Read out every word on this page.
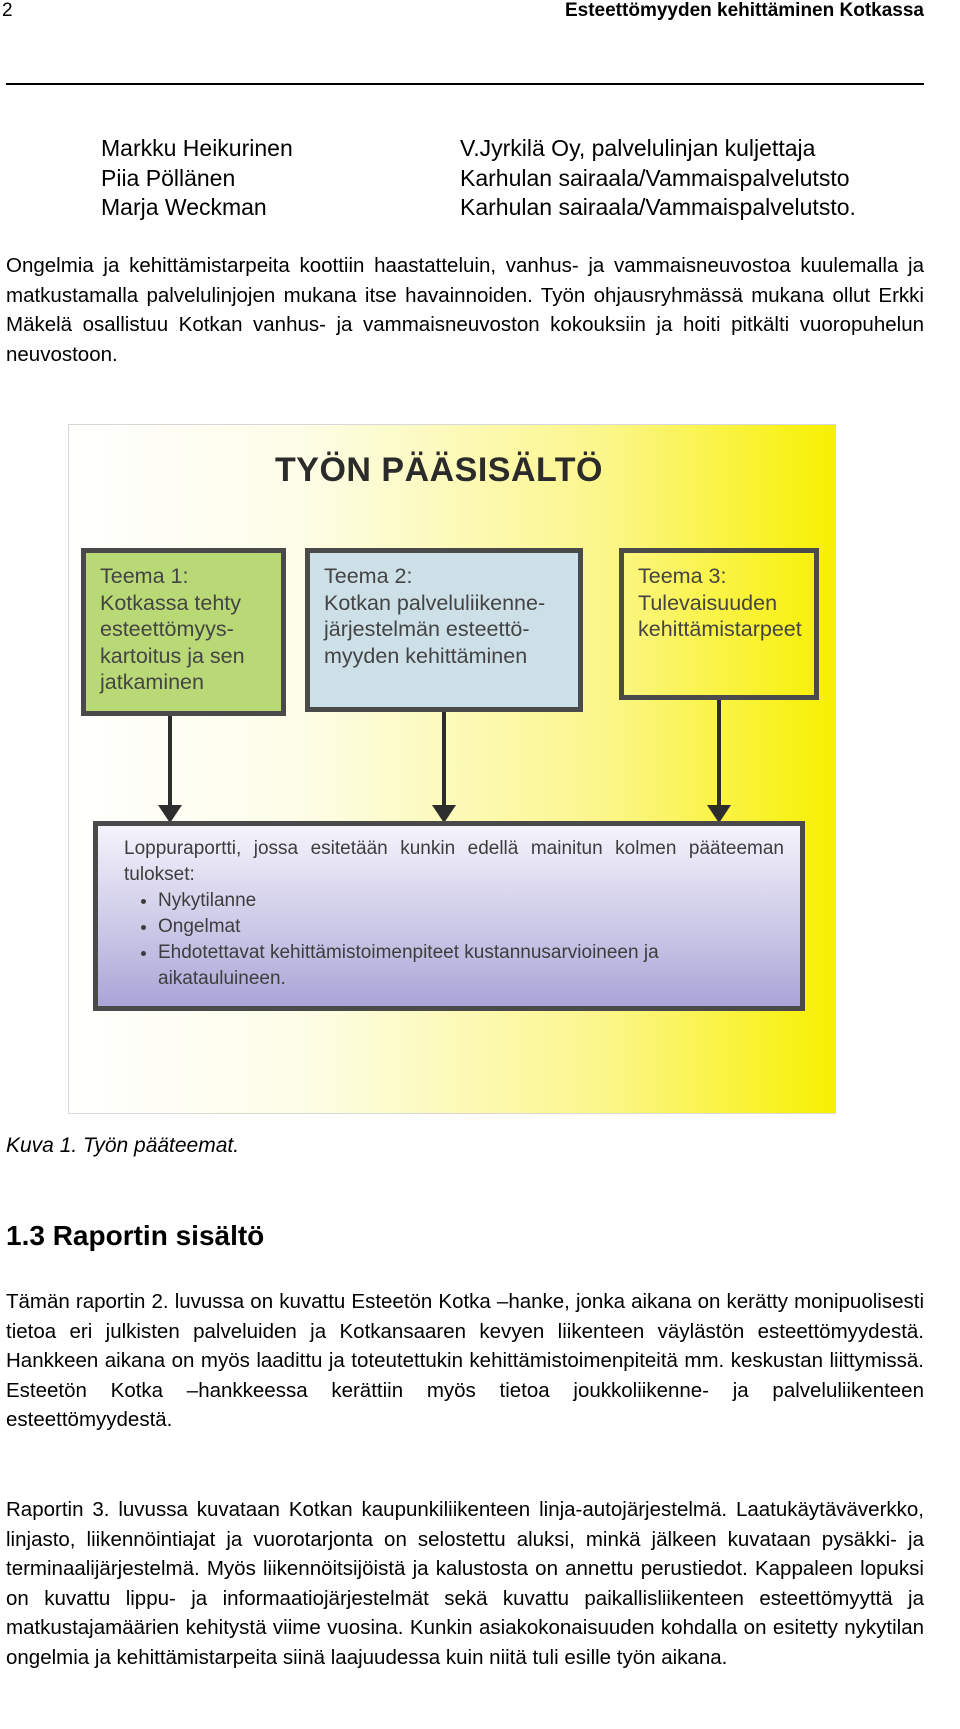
2	Esteettömyyden kehittäminen Kotkassa
Markku Heikurinen	V.Jyrkilä Oy, palvelulinjan kuljettaja
Piia Pöllänen	Karhulan sairaala/Vammaispalvelutsto
Marja Weckman	Karhulan sairaala/Vammaispalvelutsto.

Ongelmia ja kehittämistarpeita koottiin haastatteluin, vanhus- ja vammaisneuvostoa kuulemalla ja matkustamalla palvelulinjojen mukana itse havainnoiden. Työn ohjausryhmässä mukana ollut Erkki Mäkelä osallistuu Kotkan vanhus- ja vammaisneuvoston kokouksiin ja hoiti pitkälti vuoropuhelun neuvostoon.

TYÖN PÄÄSISÄLTÖ
Teema 1:
Kotkassa tehty
esteettömyys-
kartoitus ja sen
jatkaminen
Teema 2:
Kotkan palveluliikenne-
järjestelmän esteettö-
myyden kehittäminen
Teema 3:
Tulevaisuuden
kehittämistarpeet
Loppuraportti, jossa esitetään kunkin edellä mainitun kolmen pääteeman tulokset:
• Nykytilanne
• Ongelmat
• Ehdotettavat kehittämistoimenpiteet kustannusarvioineen ja aikatauluineen.
Kuva 1. Työn pääteemat.
1.3 Raportin sisältö

Tämän raportin 2. luvussa on kuvattu Esteetön Kotka –hanke, jonka aikana on kerätty monipuolisesti tietoa eri julkisten palveluiden ja Kotkansaaren kevyen liikenteen väylästön esteettömyydestä. Hankkeen aikana on myös laadittu ja toteutettukin kehittämistoimenpiteitä mm. keskustan liittymissä. Esteetön Kotka –hankkeessa kerättiin myös tietoa joukkoliikenne- ja palveluliikenteen esteettömyydestä.

Raportin 3. luvussa kuvataan Kotkan kaupunkiliikenteen linja-autojärjestelmä. Laatukäytäväverkko, linjasto, liikennöintiajat ja vuorotarjonta on selostettu aluksi, minkä jälkeen kuvataan pysäkki- ja terminaalijärjestelmä. Myös liikennöitsijöistä ja kalustosta on annettu perustiedot. Kappaleen lopuksi on kuvattu lippu- ja informaatiojärjestelmät sekä kuvattu paikallisliikenteen esteettömyyttä ja matkustajamäärien kehitystä viime vuosina. Kunkin asiakokonaisuuden kohdalla on esitetty nykytilan ongelmia ja kehittämistarpeita siinä laajuudessa kuin niitä tuli esille työn aikana.
